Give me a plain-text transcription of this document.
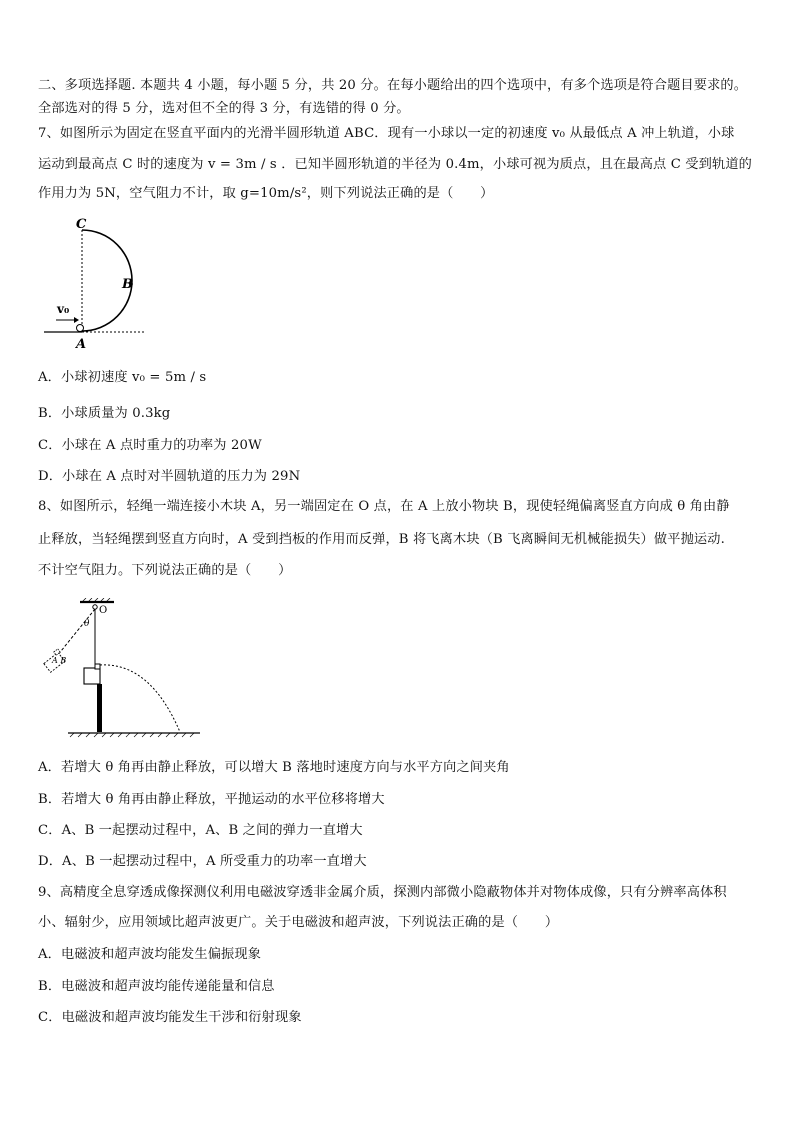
二、多项选择题. 本题共 4 小题，每小题 5 分，共 20 分。在每小题给出的四个选项中，有多个选项是符合题目要求的。
全部选对的得 5 分，选对但不全的得 3 分，有选错的得 0 分。
7、如图所示为固定在竖直平面内的光滑半圆形轨道 ABC．现有一小球以一定的初速度 v₀ 从最低点 A 冲上轨道，小球
运动到最高点 C 时的速度为 v = 3m / s ．已知半圆形轨道的半径为 0.4m，小球可视为质点，且在最高点 C 受到轨道的
作用力为 5N，空气阻力不计，取 g=10m/s²，则下列说法正确的是（　　）
C
B
A
v₀
A．小球初速度 v₀ = 5m / s
B．小球质量为 0.3kg
C．小球在 A 点时重力的功率为 20W
D．小球在 A 点时对半圆轨道的压力为 29N
8、如图所示，轻绳一端连接小木块 A，另一端固定在 O 点，在 A 上放小物块 B，现使轻绳偏离竖直方向成 θ 角由静
止释放，当轻绳摆到竖直方向时，A 受到挡板的作用而反弹，B 将飞离木块（B 飞离瞬间无机械能损失）做平抛运动.
不计空气阻力。下列说法正确的是（　　）
O
θ
A B
A．若增大 θ 角再由静止释放，可以增大 B 落地时速度方向与水平方向之间夹角
B．若增大 θ 角再由静止释放，平抛运动的水平位移将增大
C．A、B 一起摆动过程中，A、B 之间的弹力一直增大
D．A、B 一起摆动过程中，A 所受重力的功率一直增大
9、高精度全息穿透成像探测仪利用电磁波穿透非金属介质，探测内部微小隐蔽物体并对物体成像，只有分辨率高体积
小、辐射少，应用领域比超声波更广。关于电磁波和超声波，下列说法正确的是（　　）
A．电磁波和超声波均能发生偏振现象
B．电磁波和超声波均能传递能量和信息
C．电磁波和超声波均能发生干涉和衍射现象
